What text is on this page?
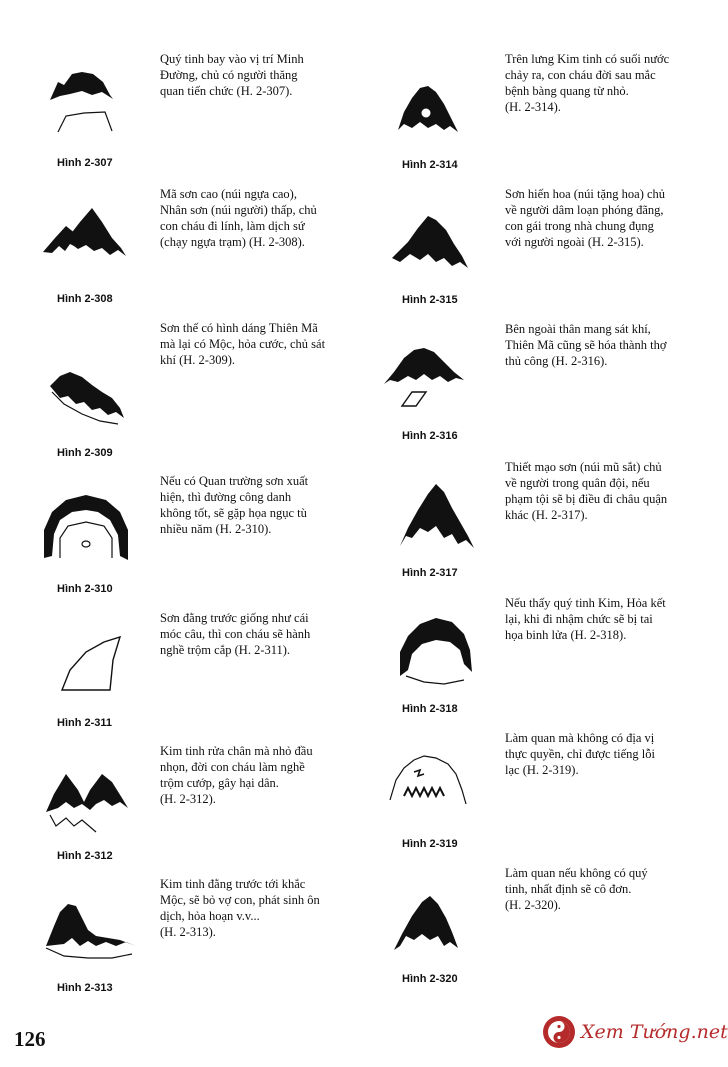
Hình 2-307
Quý tinh bay vào vị trí Minh
Đường, chủ có người thăng
quan tiến chức (H. 2-307).
Hình 2-308
Mã sơn cao (núi ngựa cao),
Nhân sơn (núi người) thấp, chủ
con cháu đi lính, làm dịch sứ
(chạy ngựa trạm) (H. 2-308).
Hình 2-309
Sơn thế có hình dáng Thiên Mã
mà lại có Mộc, hỏa cước, chủ sát
khí (H. 2-309).
Hình 2-310
Nếu có Quan trường sơn xuất
hiện, thì đường công danh
không tốt, sẽ gặp họa ngục tù
nhiều năm (H. 2-310).
Hình 2-311
Sơn đằng trước giống như cái
móc câu, thì con cháu sẽ hành
nghề trộm cắp (H. 2-311).
Hình 2-312
Kim tinh rửa chân mà nhỏ đầu
nhọn, đời con cháu làm nghề
trộm cướp, gây hại dân.
(H. 2-312).
Hình 2-313
Kim tinh đằng trước tới khắc
Mộc, sẽ bỏ vợ con, phát sinh ôn
dịch, hỏa hoạn v.v...
(H. 2-313).
Hình 2-314
Trên lưng Kim tinh có suối nước
chảy ra, con cháu đời sau mắc
bệnh bàng quang từ nhỏ.
(H. 2-314).
Hình 2-315
Sơn hiến hoa (núi tặng hoa) chủ
về người dâm loạn phóng đãng,
con gái trong nhà chung đụng
với người ngoài (H. 2-315).
Hình 2-316
Bên ngoài thân mang sát khí,
Thiên Mã cũng sẽ hóa thành thợ
thủ công (H. 2-316).
Hình 2-317
Thiết mạo sơn (núi mũ sắt) chủ
về người trong quân đội, nếu
phạm tội sẽ bị điều đi châu quận
khác (H. 2-317).
Hình 2-318
Nếu thấy quý tinh Kim, Hỏa kết
lại, khi đi nhậm chức sẽ bị tai
họa binh lửa (H. 2-318).
Hình 2-319
Làm quan mà không có địa vị
thực quyền, chỉ được tiếng lỗi
lạc (H. 2-319).
Hình 2-320
Làm quan nếu không có quý
tinh, nhất định sẽ cô đơn.
(H. 2-320).
126	Xem Tướng.net
